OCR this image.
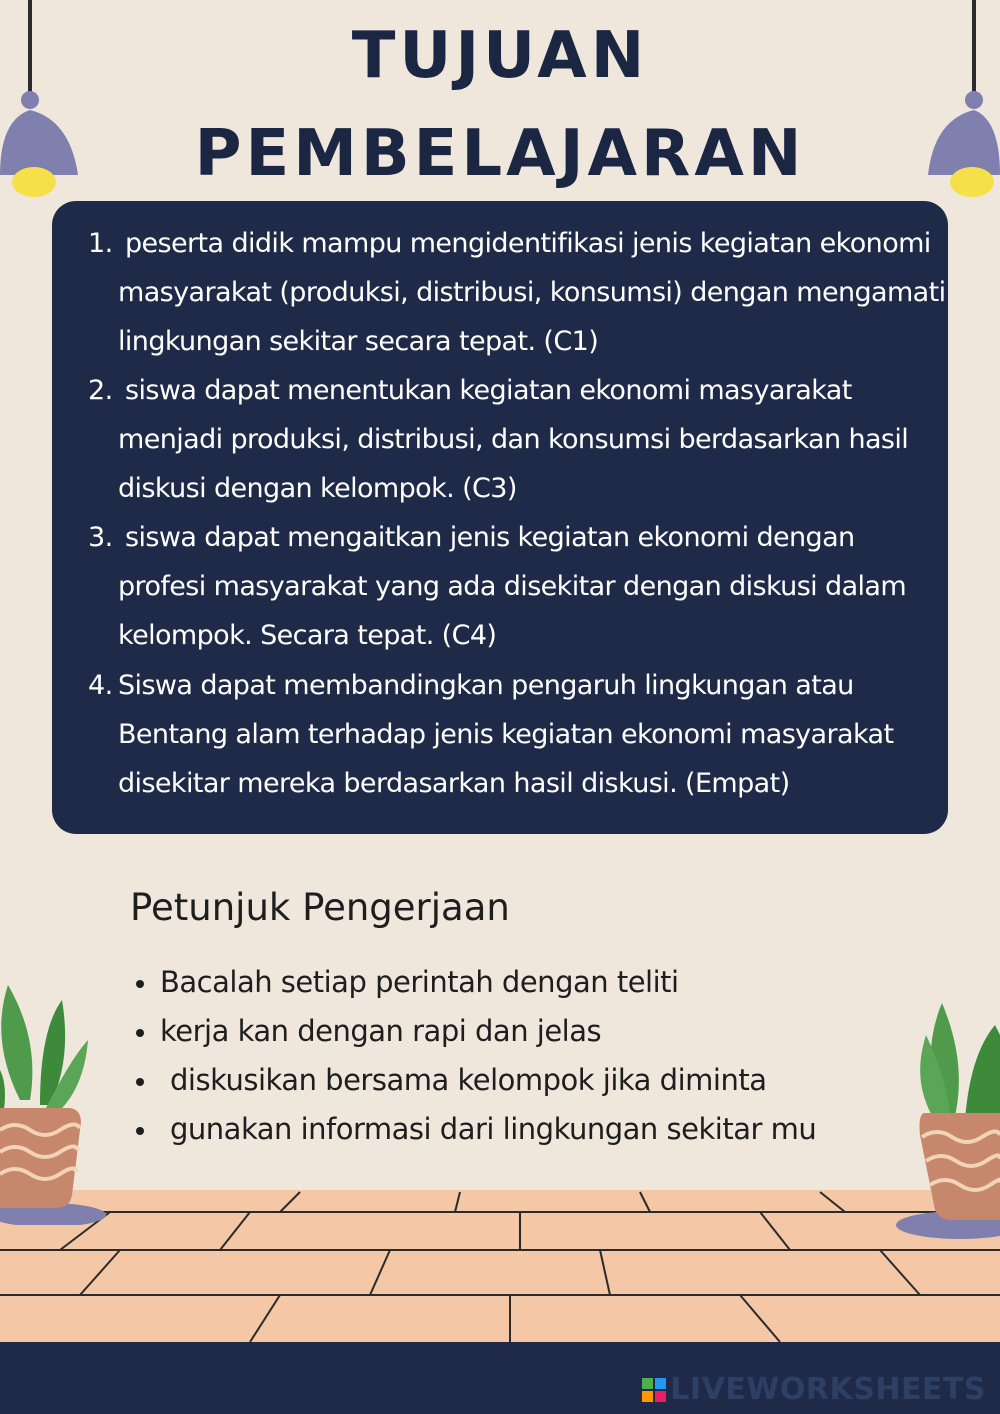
TUJUAN
PEMBELAJARAN
1. peserta didik mampu mengidentifikasi jenis kegiatan ekonomi
masyarakat (produksi, distribusi, konsumsi) dengan mengamati
lingkungan sekitar secara tepat. (C1)
2. siswa dapat menentukan kegiatan ekonomi masyarakat
menjadi produksi, distribusi, dan konsumsi berdasarkan hasil
diskusi dengan kelompok. (C3)
3. siswa dapat mengaitkan jenis kegiatan ekonomi dengan
profesi masyarakat yang ada disekitar dengan diskusi dalam
kelompok. Secara tepat. (C4)
4. Siswa dapat membandingkan pengaruh lingkungan atau
Bentang alam terhadap jenis kegiatan ekonomi masyarakat
disekitar mereka berdasarkan hasil diskusi. (Empat)
Petunjuk Pengerjaan
Bacalah setiap perintah dengan teliti
kerja kan dengan rapi dan jelas
diskusikan bersama kelompok jika diminta
gunakan informasi dari lingkungan sekitar mu
LIVEWORKSHEETS
